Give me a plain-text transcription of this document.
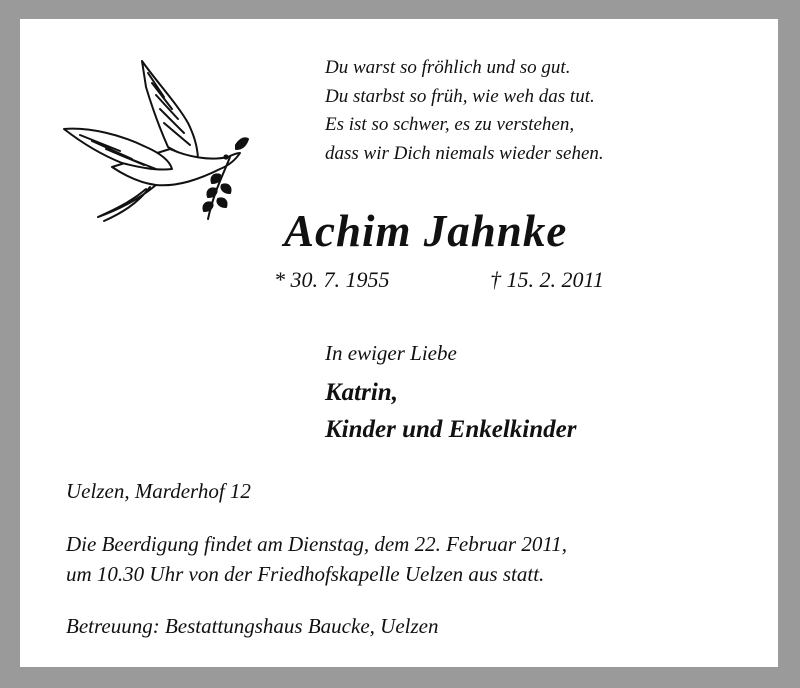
Du warst so fröhlich und so gut.
Du starbst so früh, wie weh das tut.
Es ist so schwer, es zu verstehen,
dass wir Dich niemals wieder sehen.
Achim Jahnke
* 30. 7. 1955	† 15. 2. 2011
In ewiger Liebe
Katrin,
Kinder und Enkelkinder
Uelzen, Marderhof 12
Die Beerdigung findet am Dienstag, dem 22. Februar 2011,
um 10.30 Uhr von der Friedhofskapelle Uelzen aus statt.
Betreuung: Bestattungshaus Baucke, Uelzen
